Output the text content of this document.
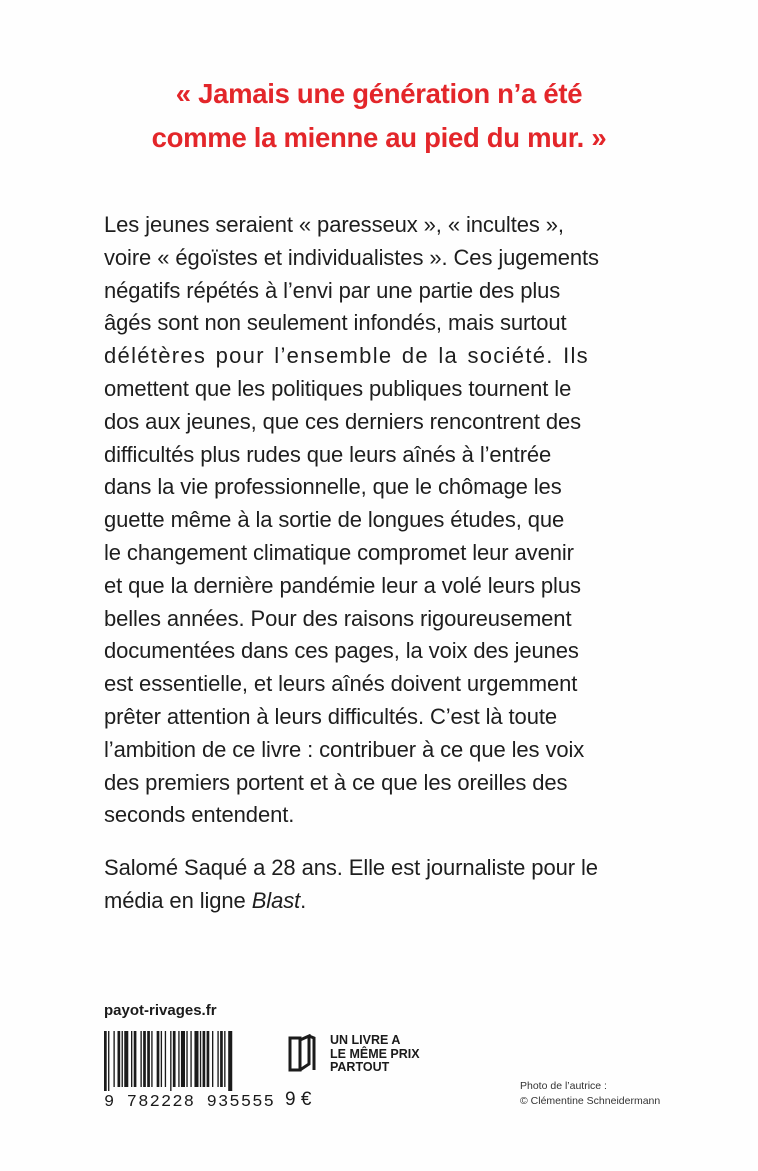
« Jamais une génération n’a été
comme la mienne au pied du mur. »
Les jeunes seraient « paresseux », « incultes »,
voire « égoïstes et individualistes ». Ces jugements
négatifs répétés à l’envi par une partie des plus
âgés sont non seulement infondés, mais surtout
délétères pour l’ensemble de la société. Ils
omettent que les politiques publiques tournent le
dos aux jeunes, que ces derniers rencontrent des
difficultés plus rudes que leurs aînés à l’entrée
dans la vie professionnelle, que le chômage les
guette même à la sortie de longues études, que
le changement climatique compromet leur avenir
et que la dernière pandémie leur a volé leurs plus
belles années. Pour des raisons rigoureusement
documentées dans ces pages, la voix des jeunes
est essentielle, et leurs aînés doivent urgemment
prêter attention à leurs difficultés. C’est là toute
l’ambition de ce livre : contribuer à ce que les voix
des premiers portent et à ce que les oreilles des
seconds entendent.
Salomé Saqué a 28 ans. Elle est journaliste pour le
média en ligne Blast.
payot-rivages.fr
9 782228 935555 9 €
UN LIVRE A
LE MÊME PRIX
PARTOUT
Photo de l’autrice :
© Clémentine Schneidermann
